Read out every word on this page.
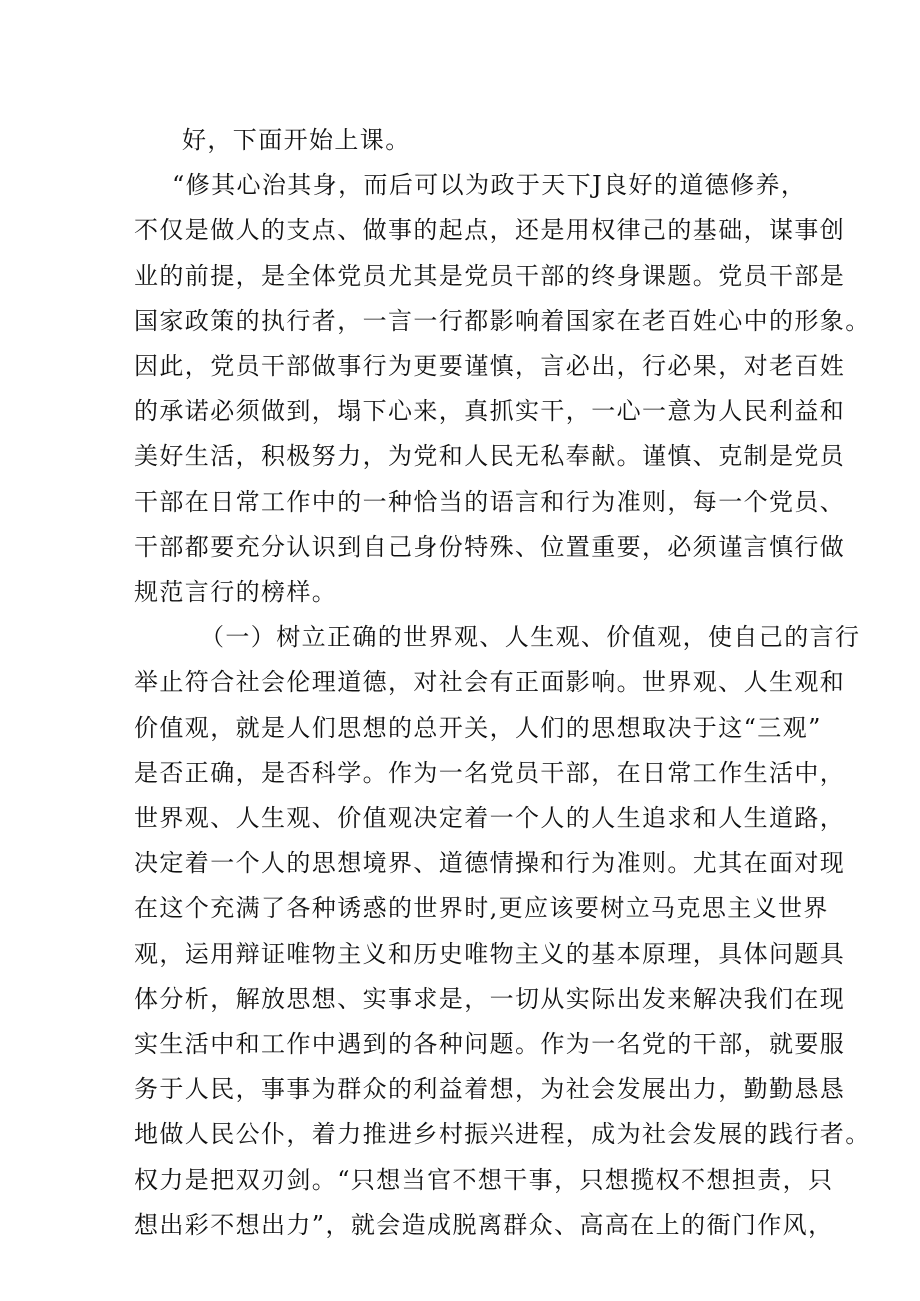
好，下面开始上课。
“修其心治其身，而后可以为政于天下J良好的道德修养，
不仅是做人的支点、做事的起点，还是用权律己的基础，谋事创
业的前提，是全体党员尤其是党员干部的终身课题。党员干部是
国家政策的执行者，一言一行都影响着国家在老百姓心中的形象。
因此，党员干部做事行为更要谨慎，言必出，行必果，对老百姓
的承诺必须做到，塌下心来，真抓实干，一心一意为人民利益和
美好生活，积极努力，为党和人民无私奉献。谨慎、克制是党员
干部在日常工作中的一种恰当的语言和行为准则，每一个党员、
干部都要充分认识到自己身份特殊、位置重要，必须谨言慎行做
规范言行的榜样。
（一）树立正确的世界观、人生观、价值观，使自己的言行
举止符合社会伦理道德，对社会有正面影响。世界观、人生观和
价值观，就是人们思想的总开关，人们的思想取决于这“三观”
是否正确，是否科学。作为一名党员干部，在日常工作生活中，
世界观、人生观、价值观决定着一个人的人生追求和人生道路，
决定着一个人的思想境界、道德情操和行为准则。尤其在面对现
在这个充满了各种诱惑的世界时,更应该要树立马克思主义世界
观，运用辩证唯物主义和历史唯物主义的基本原理，具体问题具
体分析，解放思想、实事求是，一切从实际出发来解决我们在现
实生活中和工作中遇到的各种问题。作为一名党的干部，就要服
务于人民，事事为群众的利益着想，为社会发展出力，勤勤恳恳
地做人民公仆，着力推进乡村振兴进程，成为社会发展的践行者。
权力是把双刃剑。“只想当官不想干事，只想揽权不想担责，只
想出彩不想出力”，就会造成脱离群众、高高在上的衙门作风，
